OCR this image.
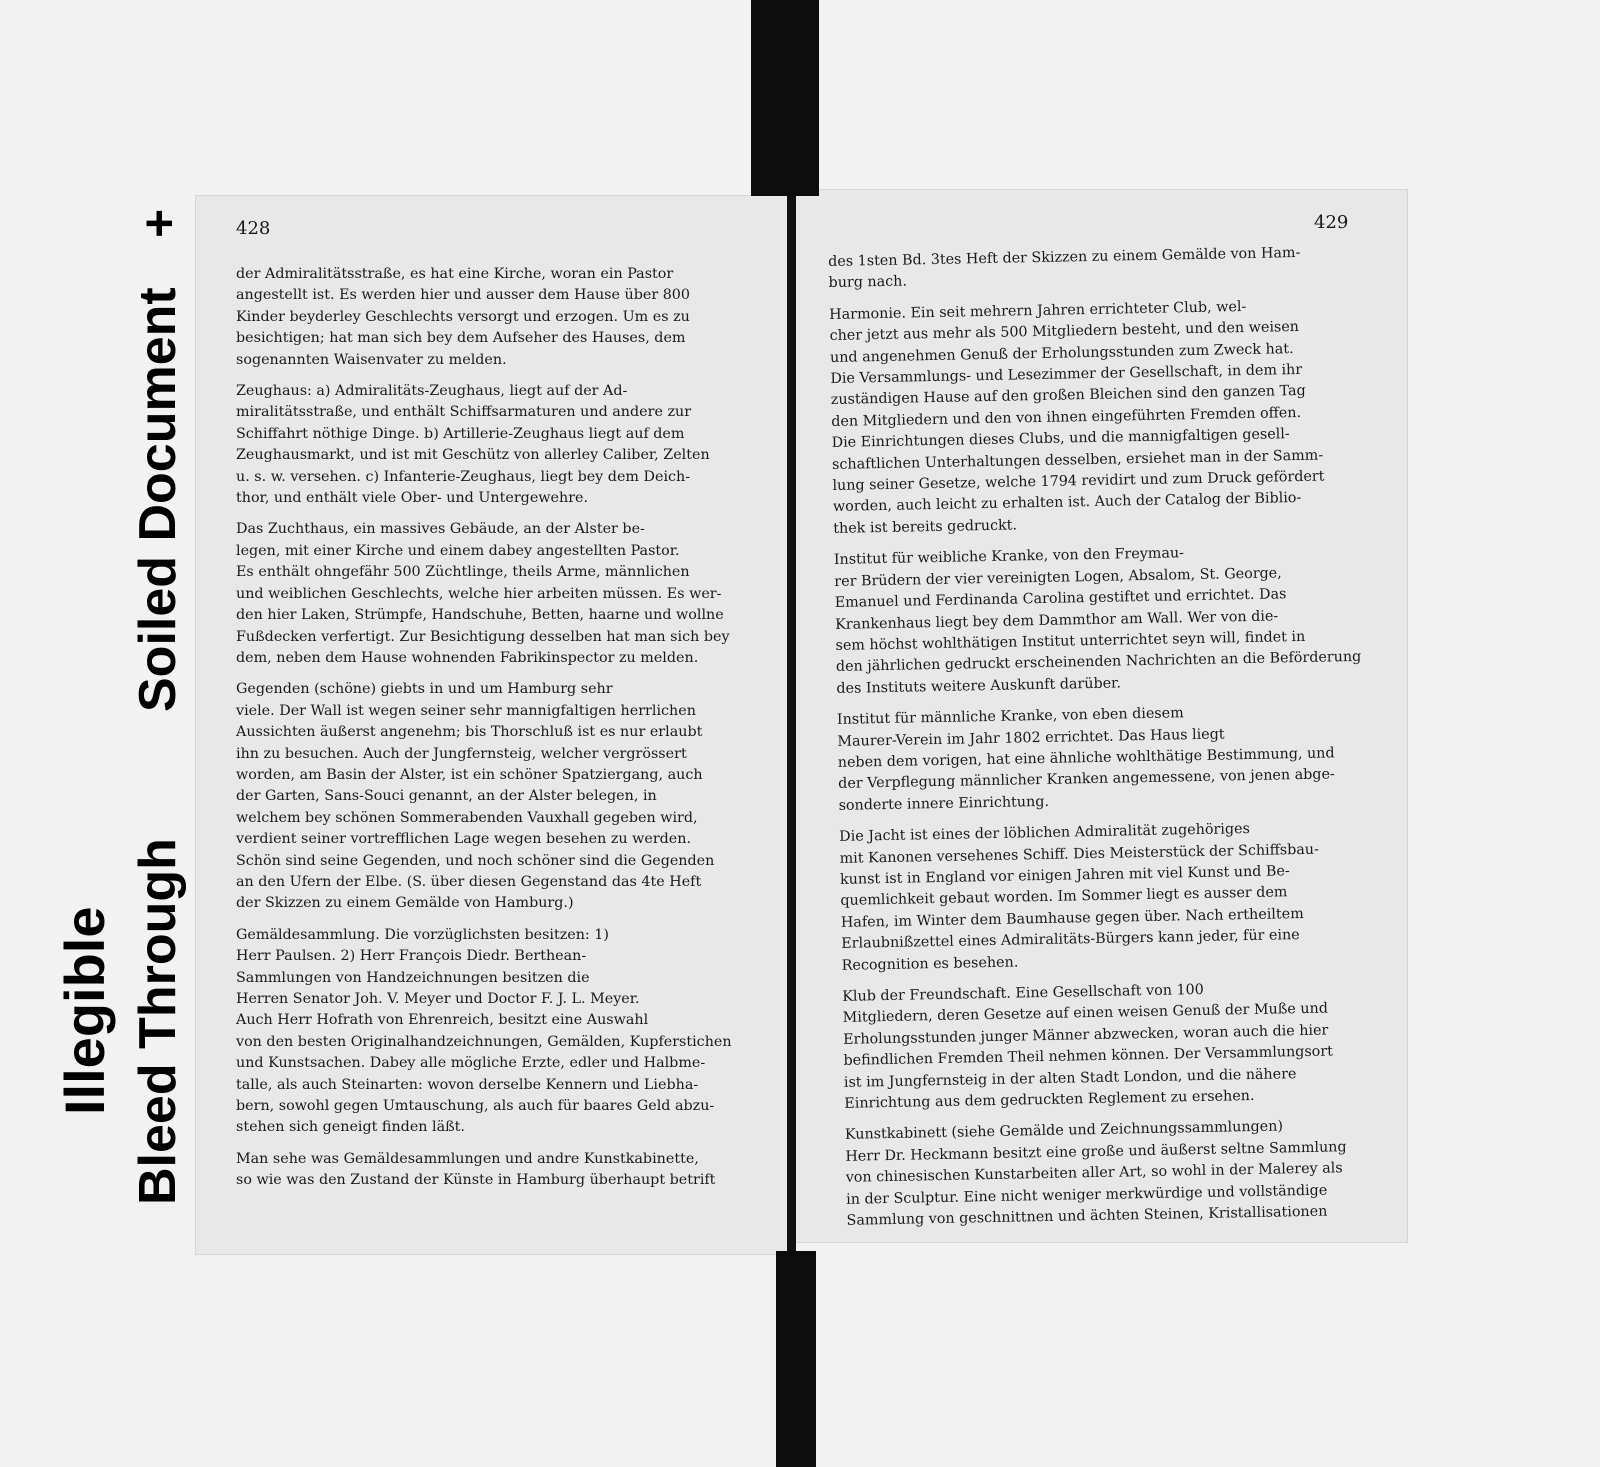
Illegible Bleed Through
Soiled Document
+	428	429
der Admiralitätsstraße, es hat eine Kirche, woran ein Pastor
angestellt ist. Es werden hier und ausser dem Hause über 800
Kinder beyderley Geschlechts versorgt und erzogen. Um es zu
besichtigen; hat man sich bey dem Aufseher des Hauses, dem
sogenannten Waisenvater zu melden.
Zeughaus: a) Admiralitäts-Zeughaus, liegt auf der Ad-
miralitätsstraße, und enthält Schiffsarmaturen und andere zur
Schiffahrt nöthige Dinge. b) Artillerie-Zeughaus liegt auf dem
Zeughausmarkt, und ist mit Geschütz von allerley Caliber, Zelten
u. s. w. versehen. c) Infanterie-Zeughaus, liegt bey dem Deich-
thor, und enthält viele Ober- und Untergewehre.
Das Zuchthaus, ein massives Gebäude, an der Alster be-
legen, mit einer Kirche und einem dabey angestellten Pastor.
Es enthält ohngefähr 500 Züchtlinge, theils Arme, männlichen
und weiblichen Geschlechts, welche hier arbeiten müssen. Es wer-
den hier Laken, Strümpfe, Handschuhe, Betten, haarne und wollne
Fußdecken verfertigt. Zur Besichtigung desselben hat man sich bey
dem, neben dem Hause wohnenden Fabrikinspector zu melden.
Gegenden (schöne) giebts in und um Hamburg sehr
viele. Der Wall ist wegen seiner sehr mannigfaltigen herrlichen
Aussichten äußerst angenehm; bis Thorschluß ist es nur erlaubt
ihn zu besuchen. Auch der Jungfernsteig, welcher vergrössert
worden, am Basin der Alster, ist ein schöner Spatziergang, auch
der Garten, Sans-Souci genannt, an der Alster belegen, in
welchem bey schönen Sommerabenden Vauxhall gegeben wird,
verdient seiner vortrefflichen Lage wegen besehen zu werden.
Schön sind seine Gegenden, und noch schöner sind die Gegenden
an den Ufern der Elbe. (S. über diesen Gegenstand das 4te Heft
der Skizzen zu einem Gemälde von Hamburg.)
Gemäldesammlung. Die vorzüglichsten besitzen: 1)
Herr Paulsen. 2) Herr François Diedr. Berthean-
Sammlungen von Handzeichnungen besitzen die
Herren Senator Joh. V. Meyer und Doctor F. J. L. Meyer.
Auch Herr Hofrath von Ehrenreich, besitzt eine Auswahl
von den besten Originalhandzeichnungen, Gemälden, Kupferstichen
und Kunstsachen. Dabey alle mögliche Erzte, edler und Halbme-
talle, als auch Steinarten: wovon derselbe Kennern und Liebha-
bern, sowohl gegen Umtauschung, als auch für baares Geld abzu-
stehen sich geneigt finden läßt.
Man sehe was Gemäldesammlungen und andre Kunstkabinette,
so wie was den Zustand der Künste in Hamburg überhaupt betrift
des 1sten Bd. 3tes Heft der Skizzen zu einem Gemälde von Ham-
burg nach.
Harmonie. Ein seit mehrern Jahren errichteter Club, wel-
cher jetzt aus mehr als 500 Mitgliedern besteht, und den weisen
und angenehmen Genuß der Erholungsstunden zum Zweck hat.
Die Versammlungs- und Lesezimmer der Gesellschaft, in dem ihr
zuständigen Hause auf den großen Bleichen sind den ganzen Tag
den Mitgliedern und den von ihnen eingeführten Fremden offen.
Die Einrichtungen dieses Clubs, und die mannigfaltigen gesell-
schaftlichen Unterhaltungen desselben, ersiehet man in der Samm-
lung seiner Gesetze, welche 1794 revidirt und zum Druck gefördert
worden, auch leicht zu erhalten ist. Auch der Catalog der Biblio-
thek ist bereits gedruckt.
Institut für weibliche Kranke, von den Freymau-
rer Brüdern der vier vereinigten Logen, Absalom, St. George,
Emanuel und Ferdinanda Carolina gestiftet und errichtet. Das
Krankenhaus liegt bey dem Dammthor am Wall. Wer von die-
sem höchst wohlthätigen Institut unterrichtet seyn will, findet in
den jährlichen gedruckt erscheinenden Nachrichten an die Beförderung
des Instituts weitere Auskunft darüber.
Institut für männliche Kranke, von eben diesem
Maurer-Verein im Jahr 1802 errichtet. Das Haus liegt
neben dem vorigen, hat eine ähnliche wohlthätige Bestimmung, und
der Verpflegung männlicher Kranken angemessene, von jenen abge-
sonderte innere Einrichtung.
Die Jacht ist eines der löblichen Admiralität zugehöriges
mit Kanonen versehenes Schiff. Dies Meisterstück der Schiffsbau-
kunst ist in England vor einigen Jahren mit viel Kunst und Be-
quemlichkeit gebaut worden. Im Sommer liegt es ausser dem
Hafen, im Winter dem Baumhause gegen über. Nach ertheiltem
Erlaubnißzettel eines Admiralitäts-Bürgers kann jeder, für eine
Recognition es besehen.
Klub der Freundschaft. Eine Gesellschaft von 100
Mitgliedern, deren Gesetze auf einen weisen Genuß der Muße und
Erholungsstunden junger Männer abzwecken, woran auch die hier
befindlichen Fremden Theil nehmen können. Der Versammlungsort
ist im Jungfernsteig in der alten Stadt London, und die nähere
Einrichtung aus dem gedruckten Reglement zu ersehen.
Kunstkabinett (siehe Gemälde und Zeichnungssammlungen)
Herr Dr. Heckmann besitzt eine große und äußerst seltne Sammlung
von chinesischen Kunstarbeiten aller Art, so wohl in der Malerey als
in der Sculptur. Eine nicht weniger merkwürdige und vollständige
Sammlung von geschnittnen und ächten Steinen, Kristallisationen
